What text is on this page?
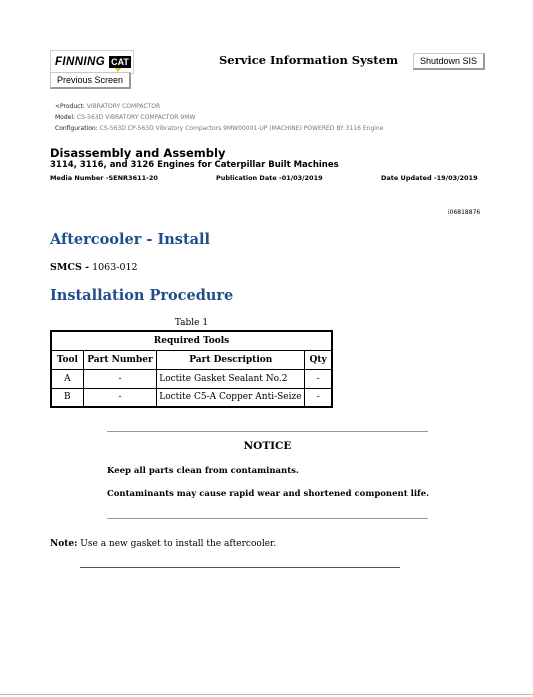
FINNING CAT	Service Information System	Shutdown SIS
Previous Screen
<Product: VIBRATORY COMPACTOR
Model: CS-563D VIBRATORY COMPACTOR 9MW
Configuration: CS-563D CP-563D Vibratory Compactors 9MW00001-UP (MACHINE) POWERED BY 3116 Engine
Disassembly and Assembly
3114, 3116, and 3126 Engines for Caterpillar Built Machines
Media Number -SENR3611-20	Publication Date -01/03/2019	Date Updated -19/03/2019
i06818876
Aftercooler - Install
SMCS - 1063-012
Installation Procedure
Table 1
Required Tools			
Tool	Part Number	Part Description	Qty
A	-	Loctite Gasket Sealant No.2	-
B	-	Loctite C5-A Copper Anti-Seize	-
NOTICE
Keep all parts clean from contaminants.
Contaminants may cause rapid wear and shortened component life.
Note: Use a new gasket to install the aftercooler.
